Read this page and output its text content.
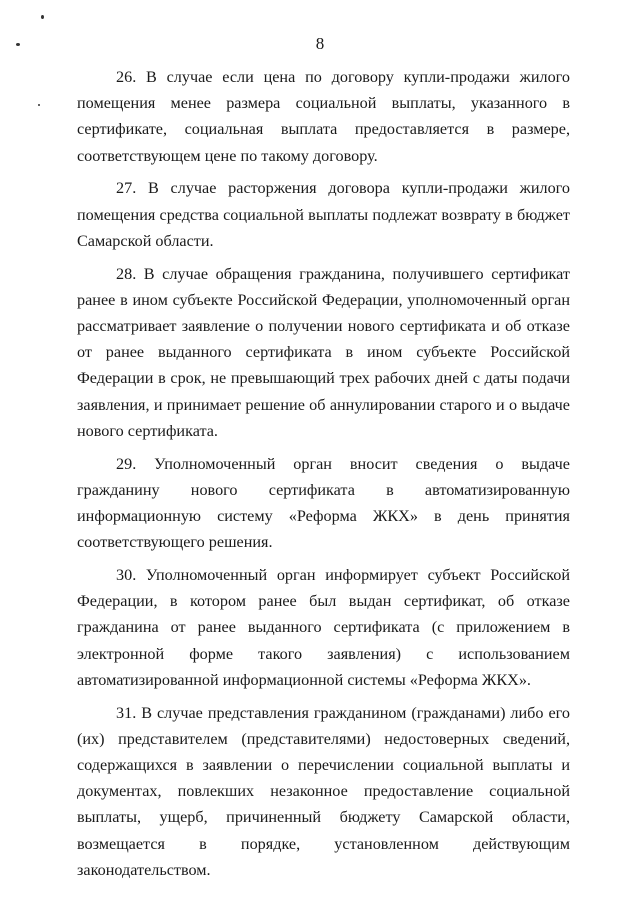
8

26. В случае если цена по договору купли-продажи жилого помещения менее размера социальной выплаты, указанного в сертификате, социальная выплата предоставляется в размере, соответствующем цене по такому договору.

27. В случае расторжения договора купли-продажи жилого помещения средства социальной выплаты подлежат возврату в бюджет Самарской области.

28. В случае обращения гражданина, получившего сертификат ранее в ином субъекте Российской Федерации, уполномоченный орган рассматривает заявление о получении нового сертификата и об отказе от ранее выданного сертификата в ином субъекте Российской Федерации в срок, не превышающий трех рабочих дней с даты подачи заявления, и принимает решение об аннулировании старого и о выдаче нового сертификата.

29. Уполномоченный орган вносит сведения о выдаче гражданину нового сертификата в автоматизированную информационную систему «Реформа ЖКХ» в день принятия соответствующего решения.

30. Уполномоченный орган информирует субъект Российской Федерации, в котором ранее был выдан сертификат, об отказе гражданина от ранее выданного сертификата (с приложением в электронной форме такого заявления) с использованием автоматизированной информационной системы «Реформа ЖКХ».

31. В случае представления гражданином (гражданами) либо его (их) представителем (представителями) недостоверных сведений, содержащихся в заявлении о перечислении социальной выплаты и документах, повлекших незаконное предоставление социальной выплаты, ущерб, причиненный бюджету Самарской области, возмещается в порядке, установленном действующим законодательством.
